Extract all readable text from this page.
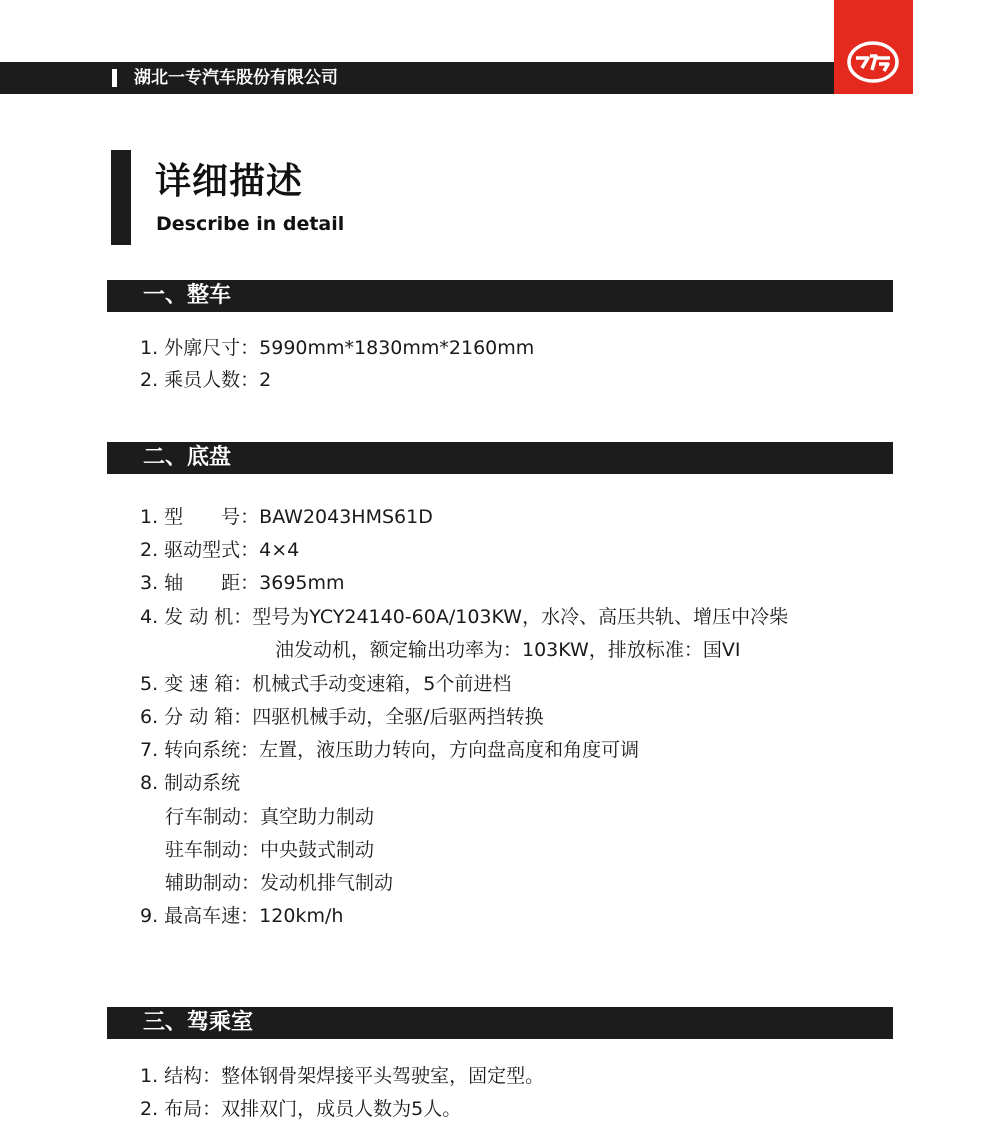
湖北一专汽车股份有限公司
详细描述
Describe in detail
一、整车
1. 外廓尺寸：5990mm*1830mm*2160mm
2. 乘员人数：2
二、底盘
1. 型　　号：BAW2043HMS61D
2. 驱动型式：4×4
3. 轴　　距：3695mm
4. 发 动 机：型号为YCY24140-60A/103KW，水冷、高压共轨、增压中冷柴
油发动机，额定输出功率为：103KW，排放标准：国VI
5. 变 速 箱：机械式手动变速箱，5个前进档
6. 分 动 箱：四驱机械手动，全驱/后驱两挡转换
7. 转向系统：左置，液压助力转向，方向盘高度和角度可调
8. 制动系统
行车制动：真空助力制动
驻车制动：中央鼓式制动
辅助制动：发动机排气制动
9. 最高车速：120km/h
三、驾乘室
1. 结构：整体钢骨架焊接平头驾驶室，固定型。
2. 布局：双排双门，成员人数为5人。
